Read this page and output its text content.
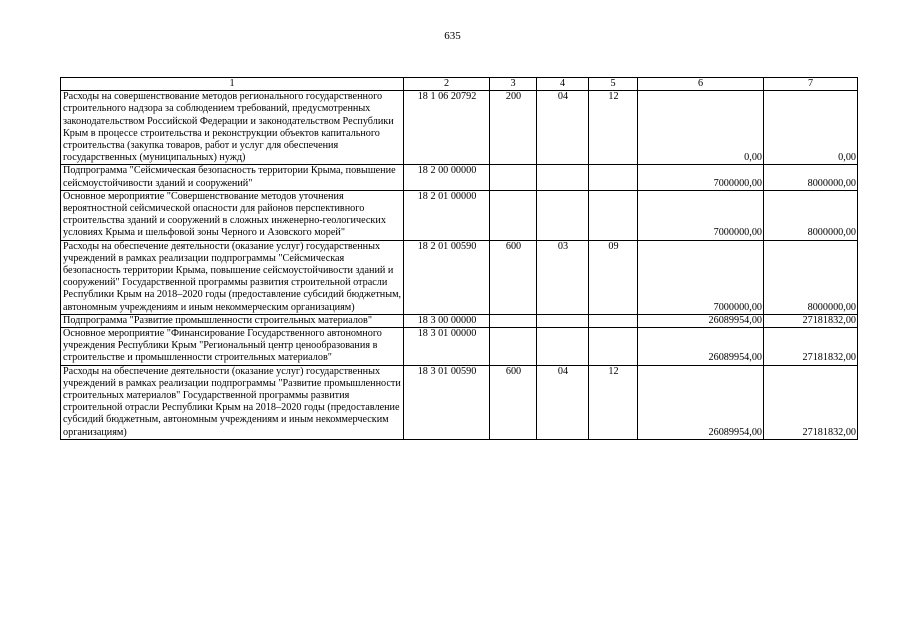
635
1	2	3	4	5	6	7
Расходы на совершенствование методов регионального государственного строительного надзора за соблюдением требований, предусмотренных законодательством Российской Федерации и законодательством Республики Крым в процессе строительства и реконструкции объектов капитального строительства (закупка товаров, работ и услуг для обеспечения государственных (муниципальных) нужд)	18 1 06 20792	200	04	12	0,00	0,00
Подпрограмма "Сейсмическая безопасность территории Крыма, повышение сейсмоустойчивости зданий и сооружений"	18 2 00 00000				7000000,00	8000000,00
Основное мероприятие "Совершенствование методов уточнения вероятностной сейсмической опасности для районов перспективного строительства зданий и сооружений в сложных инженерно-геологических условиях Крыма и шельфовой зоны Черного и Азовского морей"	18 2 01 00000				7000000,00	8000000,00
Расходы на обеспечение деятельности (оказание услуг) государственных учреждений в рамках реализации подпрограммы "Сейсмическая безопасность территории Крыма, повышение сейсмоустойчивости зданий и сооружений" Государственной программы развития строительной отрасли Республики Крым на 2018–2020 годы (предоставление субсидий бюджетным, автономным учреждениям и иным некоммерческим организациям)	18 2 01 00590	600	03	09	7000000,00	8000000,00
Подпрограмма "Развитие промышленности строительных материалов"	18 3 00 00000				26089954,00	27181832,00
Основное мероприятие "Финансирование Государственного автономного учреждения Республики Крым "Региональный центр ценообразования в строительстве и промышленности строительных материалов"	18 3 01 00000				26089954,00	27181832,00
Расходы на обеспечение деятельности (оказание услуг) государственных учреждений в рамках реализации подпрограммы "Развитие промышленности строительных материалов" Государственной программы развития строительной отрасли Республики Крым на 2018–2020 годы (предоставление субсидий бюджетным, автономным учреждениям и иным некоммерческим организациям)	18 3 01 00590	600	04	12	26089954,00	27181832,00
